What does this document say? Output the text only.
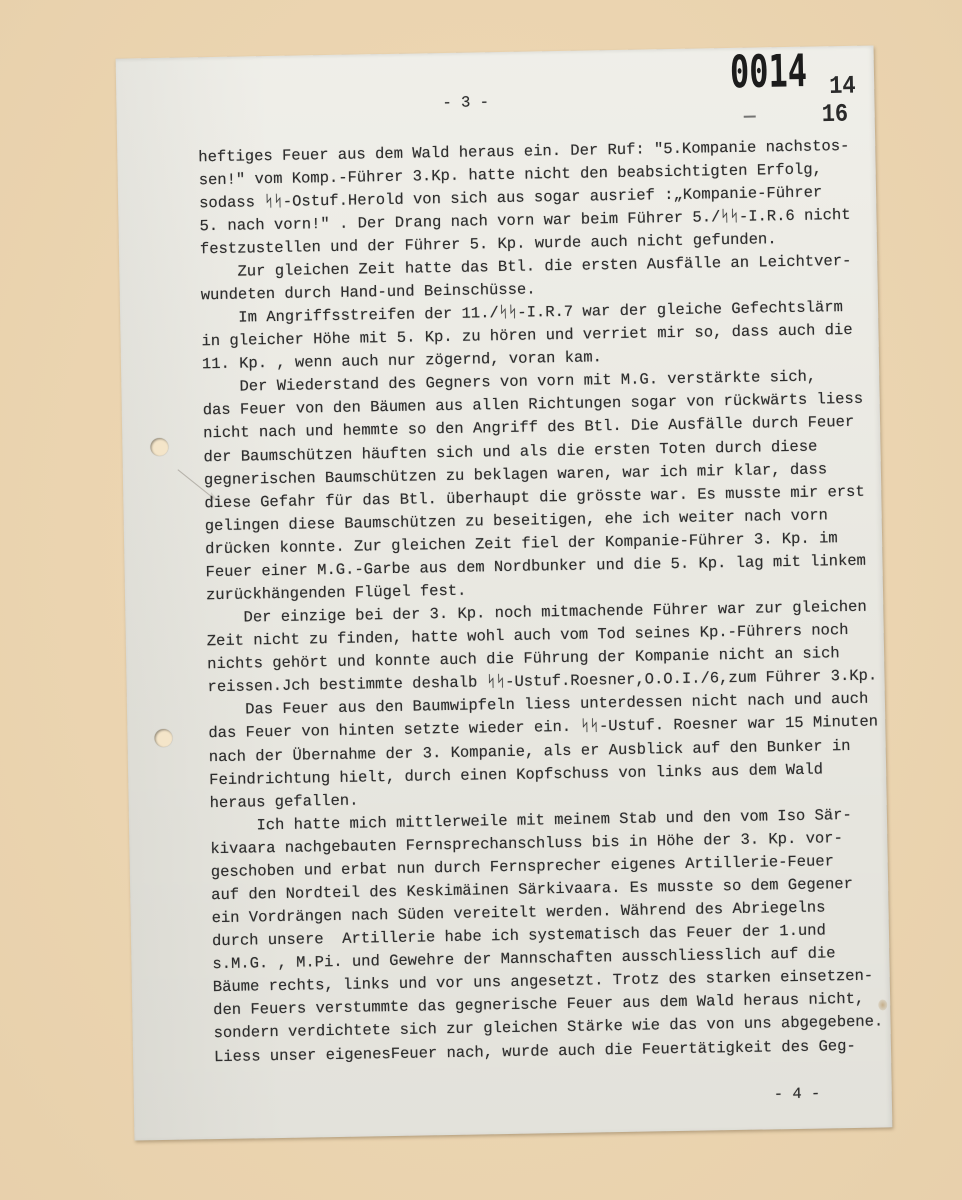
0014 14
16
- 3 -
heftiges Feuer aus dem Wald heraus ein. Der Ruf: "5.Kompanie nachstos-
sen!" vom Komp.-Führer 3.Kp. hatte nicht den beabsichtigten Erfolg,
sodass ᛋᛋ-Ostuf.Herold von sich aus sogar ausrief :„Kompanie-Führer
5. nach vorn!" . Der Drang nach vorn war beim Führer 5./ᛋᛋ-I.R.6 nicht
festzustellen und der Führer 5. Kp. wurde auch nicht gefunden.
Zur gleichen Zeit hatte das Btl. die ersten Ausfälle an Leichtver-
wundeten durch Hand-und Beinschüsse.
Im Angriffsstreifen der 11./ᛋᛋ-I.R.7 war der gleiche Gefechtslärm
in gleicher Höhe mit 5. Kp. zu hören und verriet mir so, dass auch die
11. Kp. , wenn auch nur zögernd, voran kam.
Der Wiederstand des Gegners von vorn mit M.G. verstärkte sich,
das Feuer von den Bäumen aus allen Richtungen sogar von rückwärts liess
nicht nach und hemmte so den Angriff des Btl. Die Ausfälle durch Feuer
der Baumschützen häuften sich und als die ersten Toten durch diese
gegnerischen Baumschützen zu beklagen waren, war ich mir klar, dass
diese Gefahr für das Btl. überhaupt die grösste war. Es musste mir erst
gelingen diese Baumschützen zu beseitigen, ehe ich weiter nach vorn
drücken konnte. Zur gleichen Zeit fiel der Kompanie-Führer 3. Kp. im
Feuer einer M.G.-Garbe aus dem Nordbunker und die 5. Kp. lag mit linkem
zurückhängenden Flügel fest.
Der einzige bei der 3. Kp. noch mitmachende Führer war zur gleichen
Zeit nicht zu finden, hatte wohl auch vom Tod seines Kp.-Führers noch
nichts gehört und konnte auch die Führung der Kompanie nicht an sich
reissen.Jch bestimmte deshalb ᛋᛋ-Ustuf.Roesner,O.O.I./6,zum Führer 3.Kp.
Das Feuer aus den Baumwipfeln liess unterdessen nicht nach und auch
das Feuer von hinten setzte wieder ein. ᛋᛋ-Ustuf. Roesner war 15 Minuten
nach der Übernahme der 3. Kompanie, als er Ausblick auf den Bunker in
Feindrichtung hielt, durch einen Kopfschuss von links aus dem Wald
heraus gefallen.
Ich hatte mich mittlerweile mit meinem Stab und den vom Iso Sär-
kivaara nachgebauten Fernsprechanschluss bis in Höhe der 3. Kp. vor-
geschoben und erbat nun durch Fernsprecher eigenes Artillerie-Feuer
auf den Nordteil des Keskimäinen Särkivaara. Es musste so dem Gegener
ein Vordrängen nach Süden vereitelt werden. Während des Abriegelns
durch unsere  Artillerie habe ich systematisch das Feuer der 1.und
s.M.G. , M.Pi. und Gewehre der Mannschaften ausschliesslich auf die
Bäume rechts, links und vor uns angesetzt. Trotz des starken einsetzen-
den Feuers verstummte das gegnerische Feuer aus dem Wald heraus nicht,
sondern verdichtete sich zur gleichen Stärke wie das von uns abgegebene.
Liess unser eigenesFeuer nach, wurde auch die Feuertätigkeit des Geg-
- 4 -
